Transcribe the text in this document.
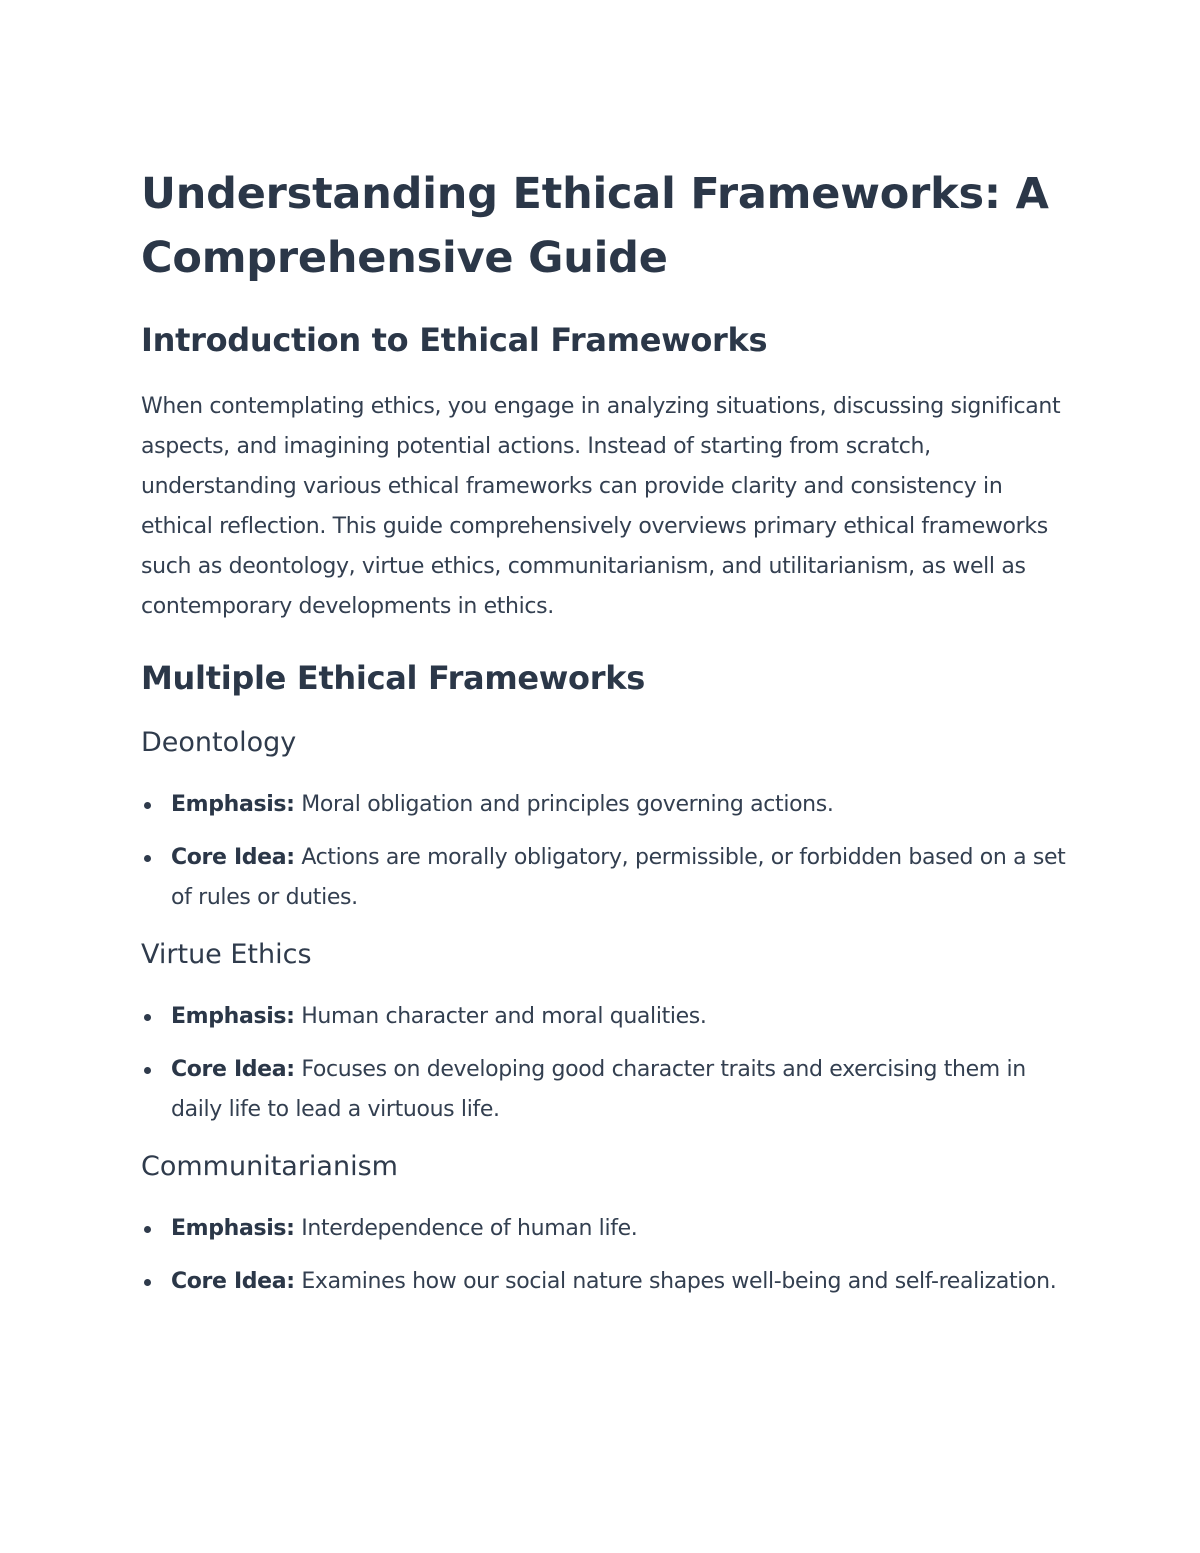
Understanding Ethical Frameworks: A Comprehensive Guide
Introduction to Ethical Frameworks

When contemplating ethics, you engage in analyzing situations, discussing significant aspects, and imagining potential actions. Instead of starting from scratch, understanding various ethical frameworks can provide clarity and consistency in ethical reflection. This guide comprehensively overviews primary ethical frameworks such as deontology, virtue ethics, communitarianism, and utilitarianism, as well as contemporary developments in ethics.

Multiple Ethical Frameworks
Deontology
Emphasis: Moral obligation and principles governing actions.
Core Idea: Actions are morally obligatory, permissible, or forbidden based on a set of rules or duties.
Virtue Ethics
Emphasis: Human character and moral qualities.
Core Idea: Focuses on developing good character traits and exercising them in daily life to lead a virtuous life.
Communitarianism
Emphasis: Interdependence of human life.
Core Idea: Examines how our social nature shapes well-being and self-realization.
